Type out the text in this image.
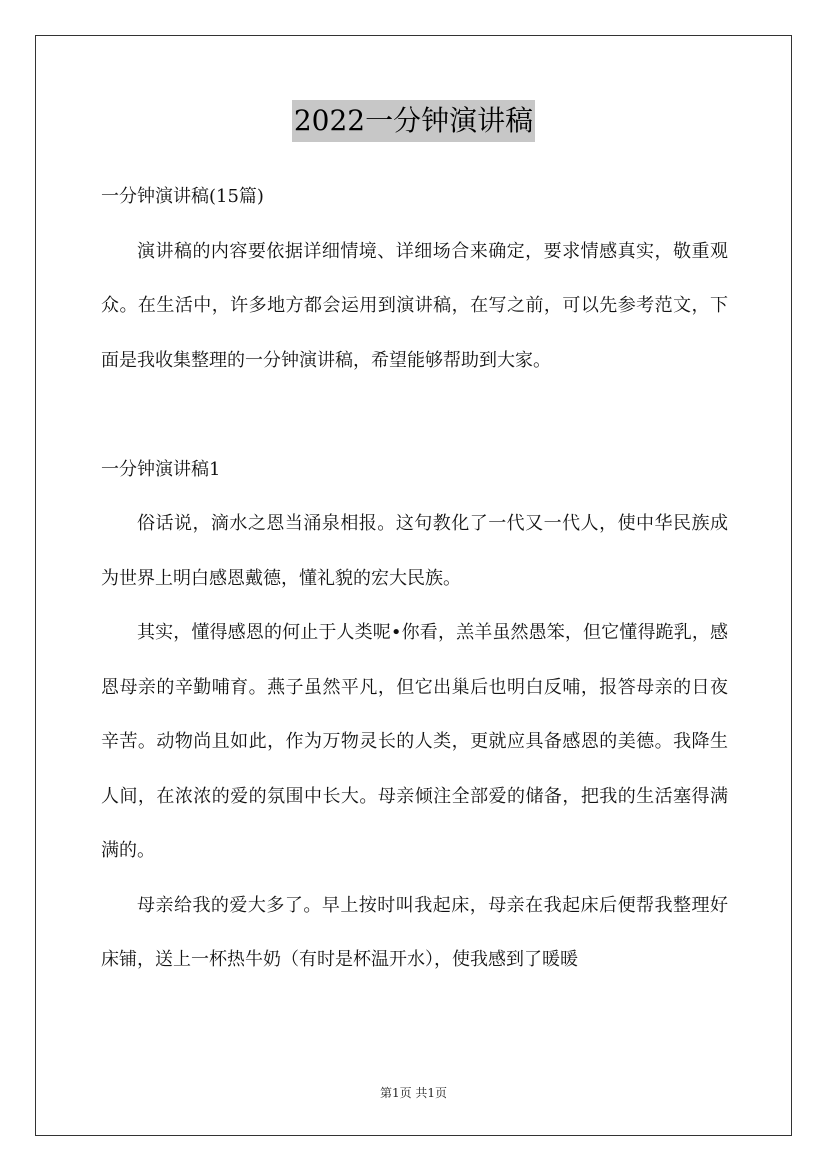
2022一分钟演讲稿

一分钟演讲稿(15篇)

演讲稿的内容要依据详细情境、详细场合来确定，要求情感真实，敬重观众。在生活中，许多地方都会运用到演讲稿，在写之前，可以先参考范文，下面是我收集整理的一分钟演讲稿，希望能够帮助到大家。

一分钟演讲稿1

俗话说，滴水之恩当涌泉相报。这句教化了一代又一代人，使中华民族成为世界上明白感恩戴德，懂礼貌的宏大民族。

其实，懂得感恩的何止于人类呢•你看，羔羊虽然愚笨，但它懂得跪乳，感恩母亲的辛勤哺育。燕子虽然平凡，但它出巢后也明白反哺，报答母亲的日夜辛苦。动物尚且如此，作为万物灵长的人类，更就应具备感恩的美德。我降生人间，在浓浓的爱的氛围中长大。母亲倾注全部爱的储备，把我的生活塞得满满的。

母亲给我的爱大多了。早上按时叫我起床，母亲在我起床后便帮我整理好床铺，送上一杯热牛奶（有时是杯温开水），使我感到了暖暖

第1页 共1页
